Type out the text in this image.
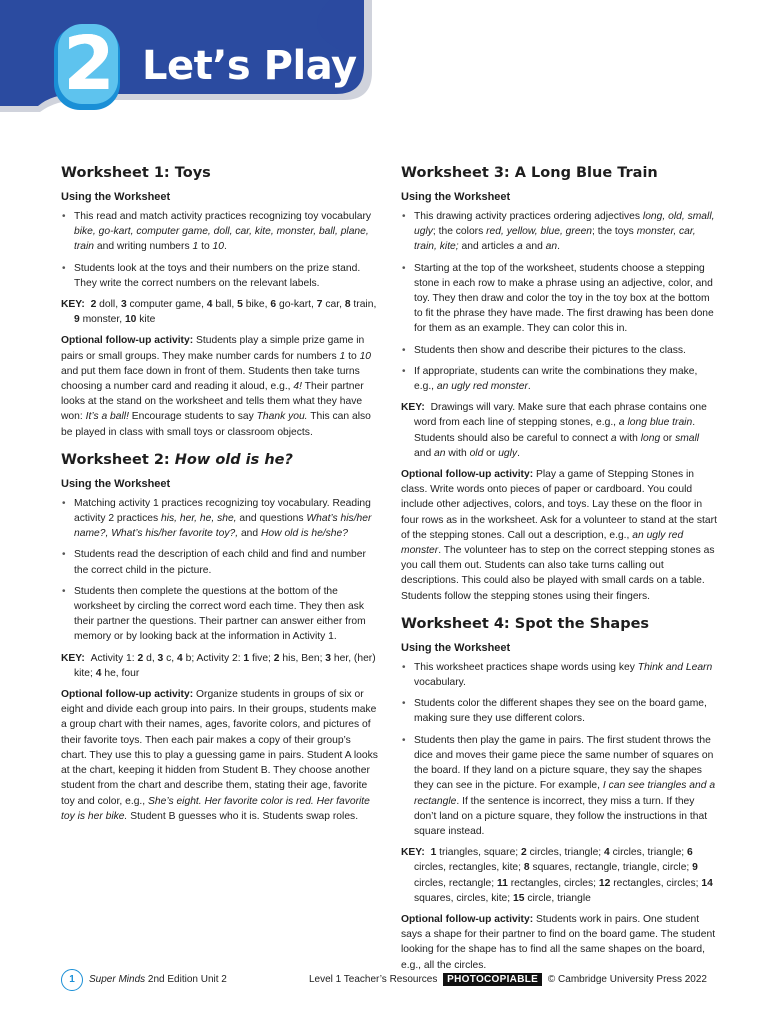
2 Let’s Play
Worksheet 1: Toys
Using the Worksheet
• This read and match activity practices recognizing toy vocabulary bike, go-kart, computer game, doll, car, kite, monster, ball, plane, train and writing numbers 1 to 10.
• Students look at the toys and their numbers on the prize stand. They write the correct numbers on the relevant labels.

KEY: 2 doll, 3 computer game, 4 ball, 5 bike, 6 go-kart, 7 car, 8 train, 9 monster, 10 kite

Optional follow-up activity: Students play a simple prize game in pairs or small groups. They make number cards for numbers 1 to 10 and put them face down in front of them. Students then take turns choosing a number card and reading it aloud, e.g., 4! Their partner looks at the stand on the worksheet and tells them what they have won: It’s a ball! Encourage students to say Thank you. This can also be played in class with small toys or classroom objects.

Worksheet 2: How old is he?
Using the Worksheet
• Matching activity 1 practices recognizing toy vocabulary. Reading activity 2 practices his, her, he, she, and questions What’s his/her name?, What’s his/her favorite toy?, and How old is he/she?
• Students read the description of each child and find and number the correct child in the picture.
• Students then complete the questions at the bottom of the worksheet by circling the correct word each time. They then ask their partner the questions. Their partner can answer either from memory or by looking back at the information in Activity 1.

KEY: Activity 1: 2 d, 3 c, 4 b; Activity 2: 1 five; 2 his, Ben; 3 her, (her) kite; 4 he, four

Optional follow-up activity: Organize students in groups of six or eight and divide each group into pairs. In their groups, students make a group chart with their names, ages, favorite colors, and pictures of their favorite toys. Then each pair makes a copy of their group’s chart. They use this to play a guessing game in pairs. Student A looks at the chart, keeping it hidden from Student B. They choose another student from the chart and describe them, stating their age, favorite toy and color, e.g., She’s eight. Her favorite color is red. Her favorite toy is her bike. Student B guesses who it is. Students swap roles.

Worksheet 3: A Long Blue Train
Using the Worksheet
• This drawing activity practices ordering adjectives long, old, small, ugly; the colors red, yellow, blue, green; the toys monster, car, train, kite; and articles a and an.
• Starting at the top of the worksheet, students choose a stepping stone in each row to make a phrase using an adjective, color, and toy. They then draw and color the toy in the toy box at the bottom to fit the phrase they have made. The first drawing has been done for them as an example. They can color this in.
• Students then show and describe their pictures to the class.
• If appropriate, students can write the combinations they make, e.g., an ugly red monster.

KEY: Drawings will vary. Make sure that each phrase contains one word from each line of stepping stones, e.g., a long blue train. Students should also be careful to connect a with long or small and an with old or ugly.

Optional follow-up activity: Play a game of Stepping Stones in class. Write words onto pieces of paper or cardboard. You could include other adjectives, colors, and toys. Lay these on the floor in four rows as in the worksheet. Ask for a volunteer to stand at the start of the stepping stones. Call out a description, e.g., an ugly red monster. The volunteer has to step on the correct stepping stones as you call them out. Students can also take turns calling out descriptions. This could also be played with small cards on a table. Students follow the stepping stones using their fingers.

Worksheet 4: Spot the Shapes
Using the Worksheet
• This worksheet practices shape words using key Think and Learn vocabulary.
• Students color the different shapes they see on the board game, making sure they use different colors.
• Students then play the game in pairs. The first student throws the dice and moves their game piece the same number of squares on the board. If they land on a picture square, they say the shapes they can see in the picture. For example, I can see triangles and a rectangle. If the sentence is incorrect, they miss a turn. If they don’t land on a picture square, they follow the instructions in that square instead.

KEY: 1 triangles, square; 2 circles, triangle; 4 circles, triangle; 6 circles, rectangles, kite; 8 squares, rectangle, triangle, circle; 9 circles, rectangle; 11 rectangles, circles; 12 rectangles, circles; 14 squares, circles, kite; 15 circle, triangle

Optional follow-up activity: Students work in pairs. One student says a shape for their partner to find on the board game. The student looking for the shape has to find all the same shapes on the board, e.g., all the circles.

1	Super Minds 2nd Edition Unit 2	Level 1 Teacher’s Resources PHOTOCOPIABLE © Cambridge University Press 2022
